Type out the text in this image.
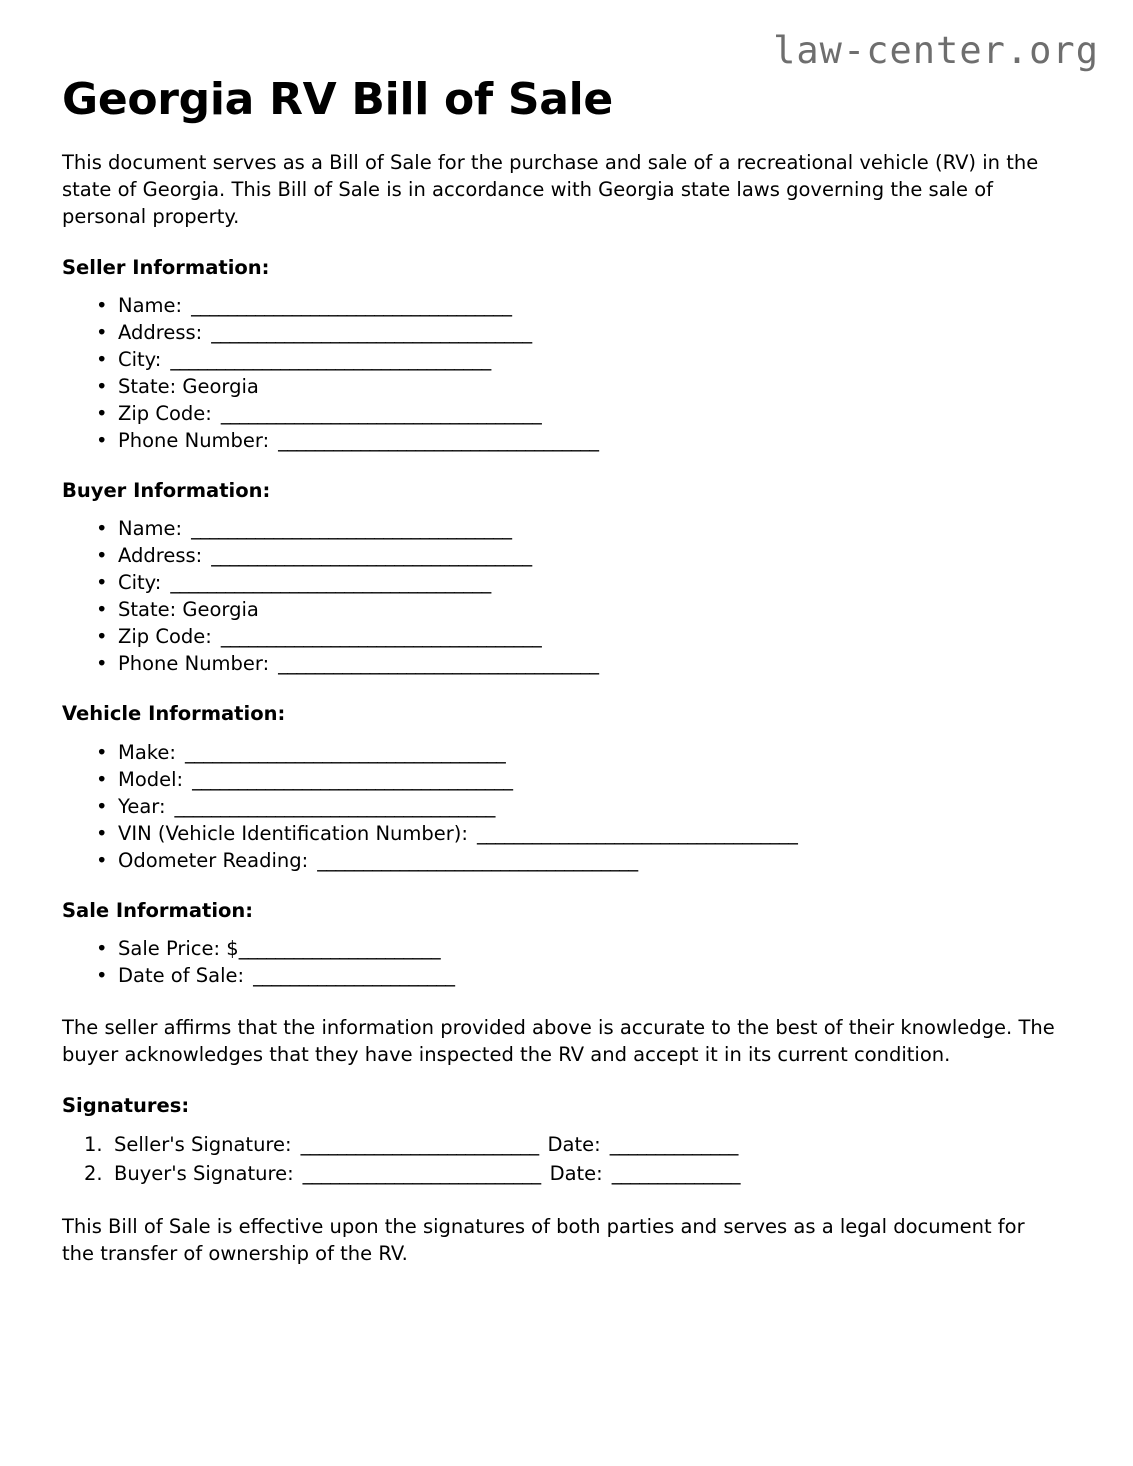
law-center.org
Georgia RV Bill of Sale

This document serves as a Bill of Sale for the purchase and sale of a recreational vehicle (RV) in the state of Georgia. This Bill of Sale is in accordance with Georgia state laws governing the sale of personal property.

Seller Information:
• Name: ___________________________________
• Address: ___________________________________
• City: ___________________________________
• State: Georgia
• Zip Code: ___________________________________
• Phone Number: ___________________________________
Buyer Information:
• Name: ___________________________________
• Address: ___________________________________
• City: ___________________________________
• State: Georgia
• Zip Code: ___________________________________
• Phone Number: ___________________________________
Vehicle Information:
• Make: ___________________________________
• Model: ___________________________________
• Year: ___________________________________
• VIN (Vehicle Identification Number): ___________________________________
• Odometer Reading: ___________________________________
Sale Information:
• Sale Price: $______________________
• Date of Sale: ______________________

The seller affirms that the information provided above is accurate to the best of their knowledge. The buyer acknowledges that they have inspected the RV and accept it in its current condition.

Signatures:
1. Seller's Signature: __________________________ Date: ______________
2. Buyer's Signature: __________________________ Date: ______________

This Bill of Sale is effective upon the signatures of both parties and serves as a legal document for the transfer of ownership of the RV.
